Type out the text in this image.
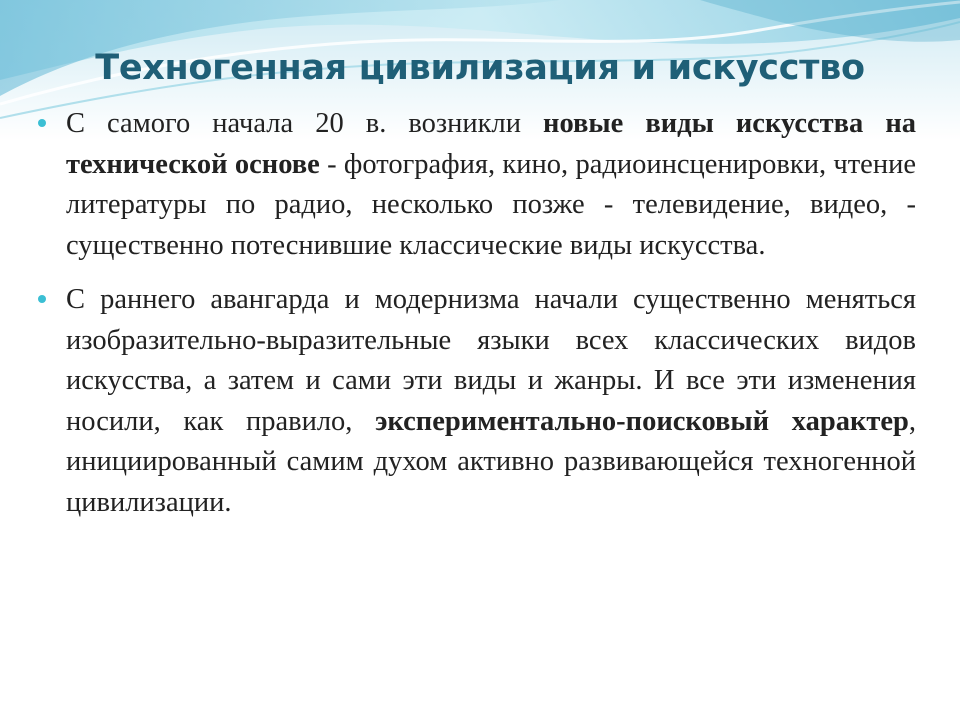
Техногенная цивилизация и искусство

С самого начала 20 в. возникли новые виды искусства на технической основе - фотография, кино, радиоинсценировки, чтение литературы по радио, несколько позже - телевидение, видео, - существенно потеснившие классические виды искусства.

С раннего авангарда и модернизма начали существенно меняться изобразительно-выразительные языки всех классических видов искусства, а затем и сами эти виды и жанры. И все эти изменения носили, как правило, экспериментально-поисковый характер, инициированный самим духом активно развивающейся техногенной цивилизации.
